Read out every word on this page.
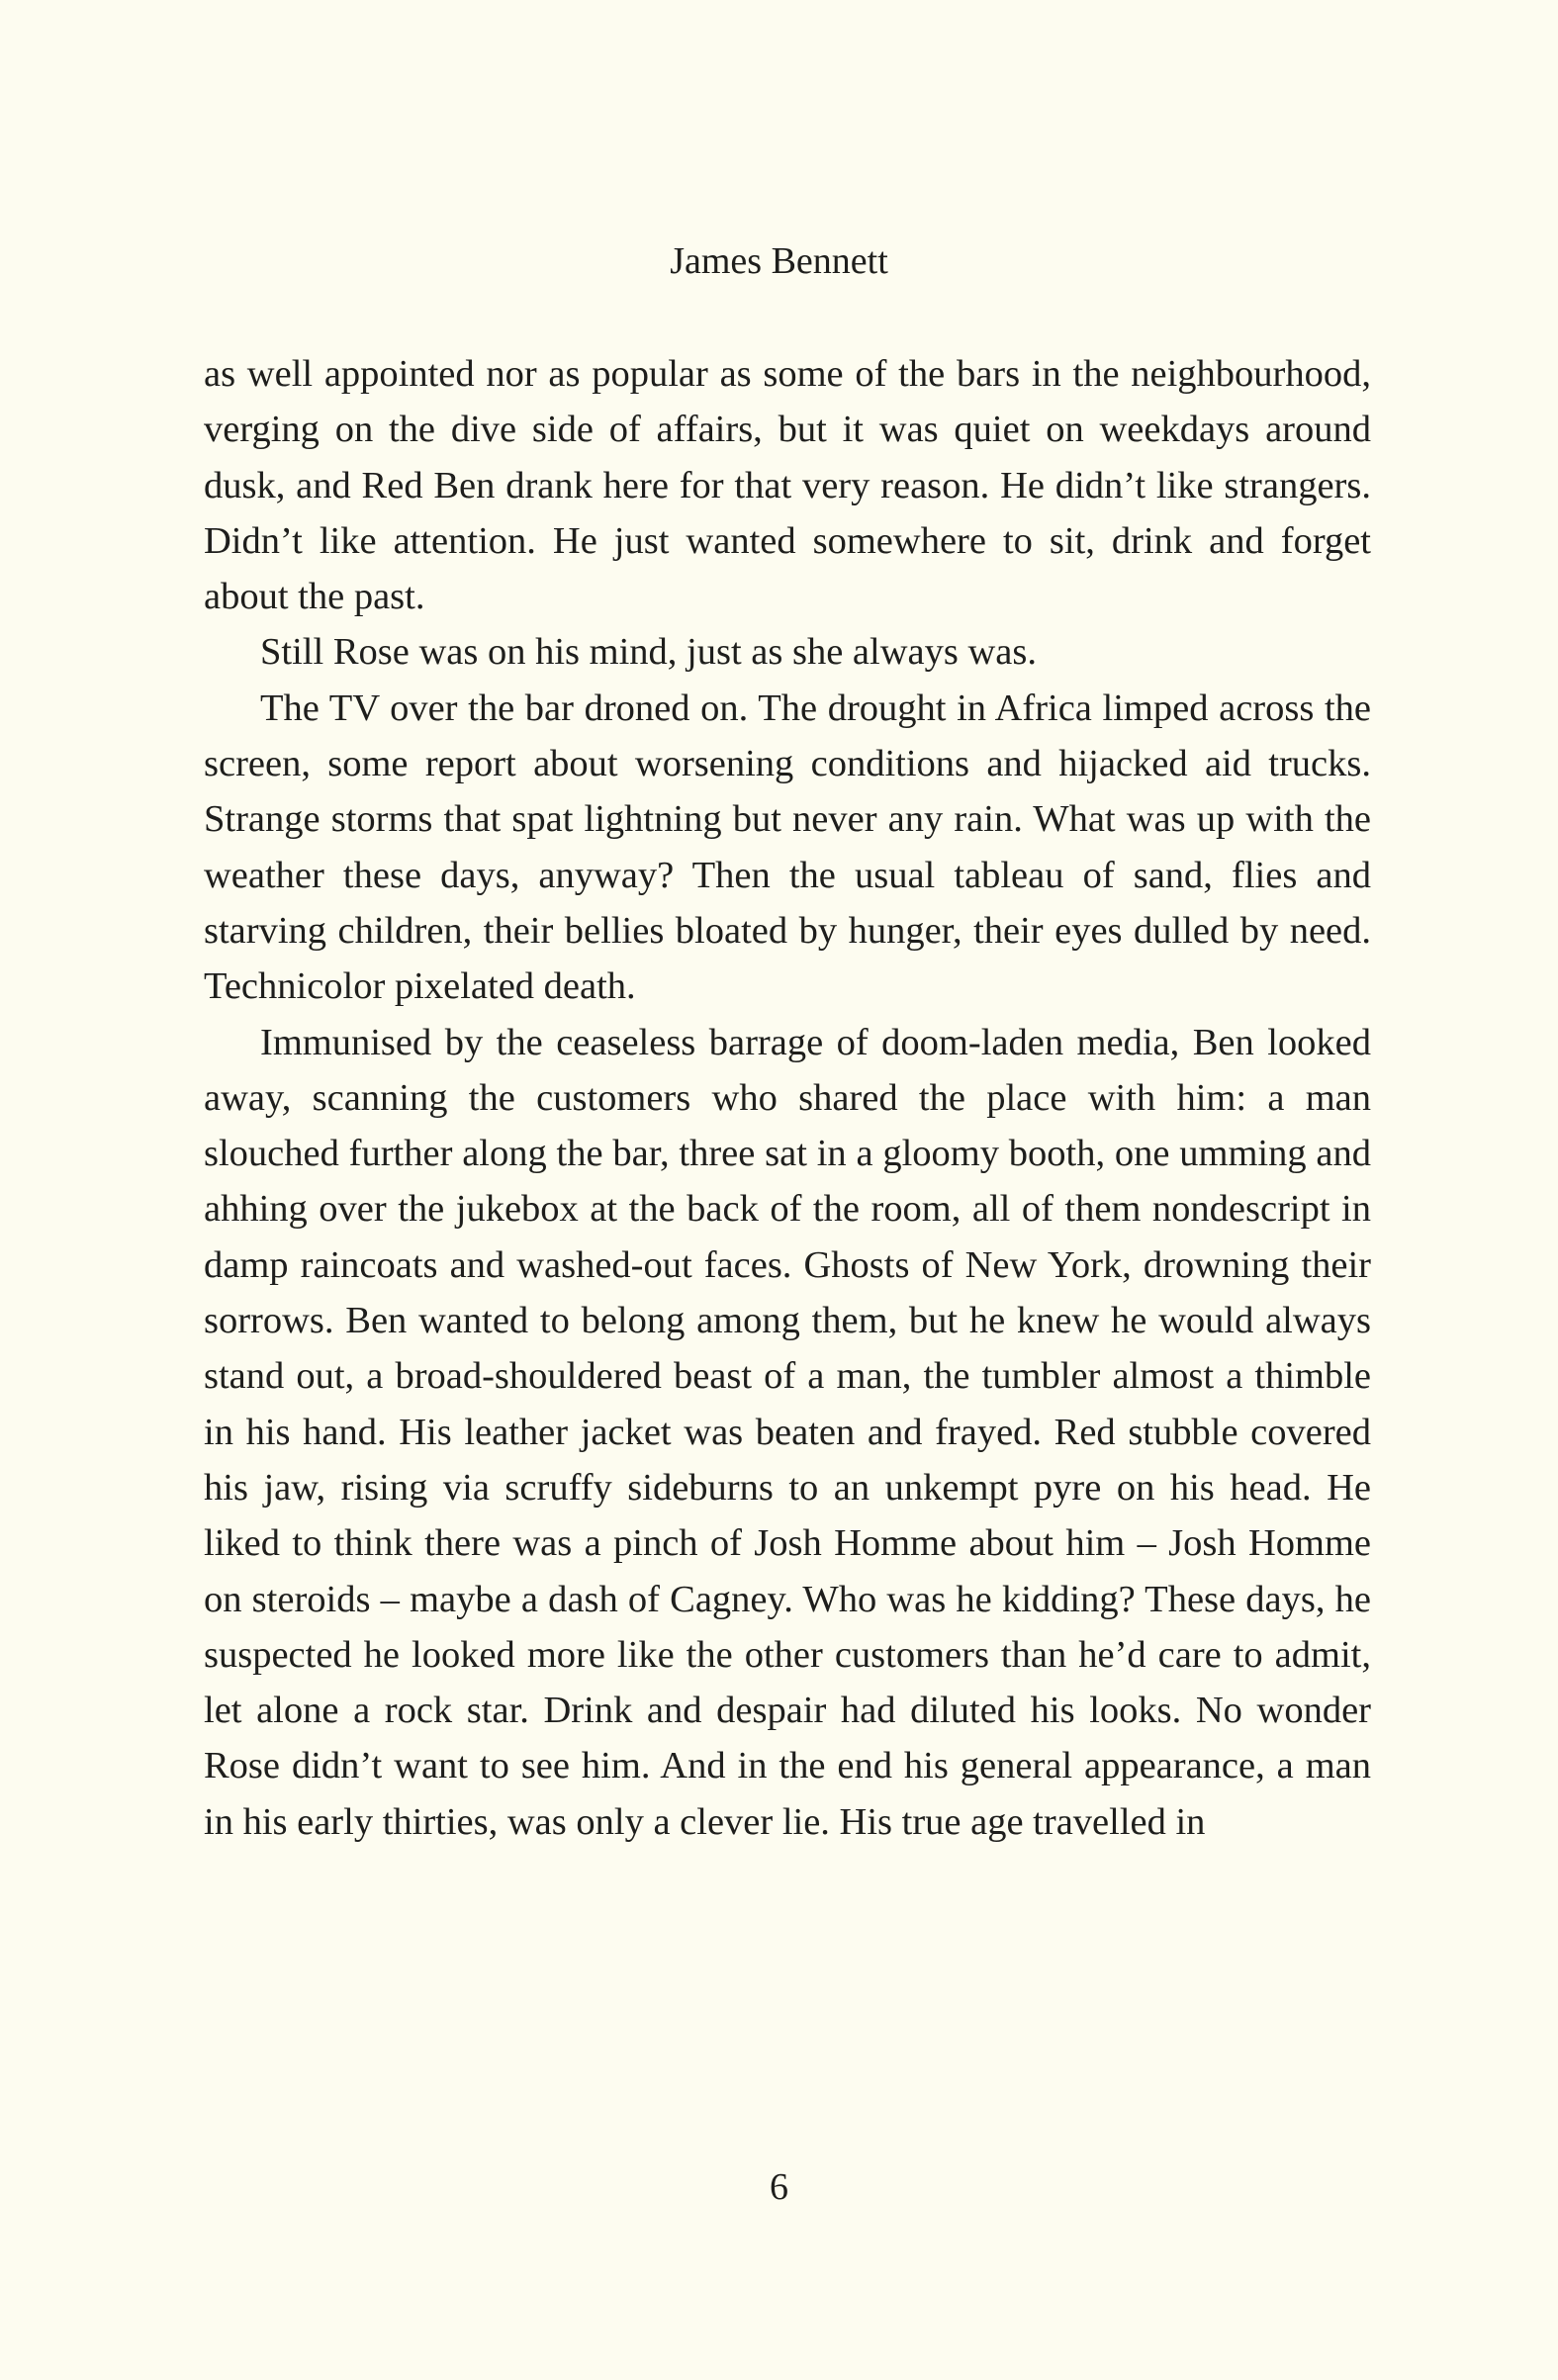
James Bennett

as well appointed nor as popular as some of the bars in the neighbourhood, verging on the dive side of affairs, but it was quiet on weekdays around dusk, and Red Ben drank here for that very reason. He didn’t like strangers. Didn’t like attention. He just wanted somewhere to sit, drink and forget about the past.

Still Rose was on his mind, just as she always was.

The TV over the bar droned on. The drought in Africa limped across the screen, some report about worsening conditions and hijacked aid trucks. Strange storms that spat lightning but never any rain. What was up with the weather these days, anyway? Then the usual tableau of sand, flies and starving children, their bellies bloated by hunger, their eyes dulled by need. Technicolor pixelated death.

Immunised by the ceaseless barrage of doom-laden media, Ben looked away, scanning the customers who shared the place with him: a man slouched further along the bar, three sat in a gloomy booth, one umming and ahhing over the jukebox at the back of the room, all of them nondescript in damp raincoats and washed-out faces. Ghosts of New York, drowning their sorrows. Ben wanted to belong among them, but he knew he would always stand out, a broad-shouldered beast of a man, the tumbler almost a thimble in his hand. His leather jacket was beaten and frayed. Red stubble covered his jaw, rising via scruffy sideburns to an unkempt pyre on his head. He liked to think there was a pinch of Josh Homme about him – Josh Homme on steroids – maybe a dash of Cagney. Who was he kidding? These days, he suspected he looked more like the other customers than he’d care to admit, let alone a rock star. Drink and despair had diluted his looks. No wonder Rose didn’t want to see him. And in the end his general appearance, a man in his early thirties, was only a clever lie. His true age travelled in

6
